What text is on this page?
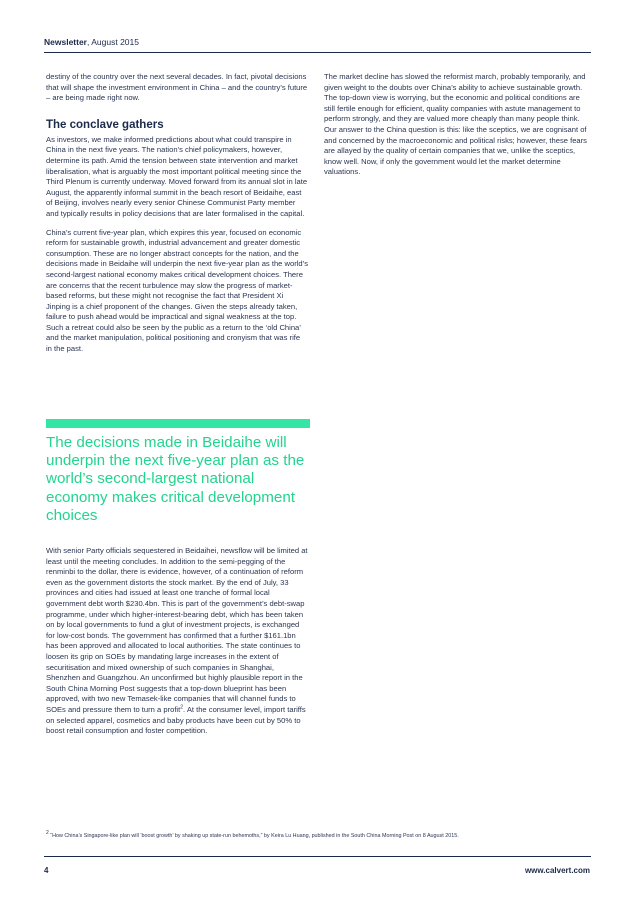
Newsletter, August 2015

destiny of the country over the next several decades. In fact, pivotal decisions that will shape the investment environment in China – and the country’s future – are being made right now.

The conclave gathers

As investors, we make informed predictions about what could transpire in China in the next five years. The nation’s chief policymakers, however, determine its path. Amid the tension between state intervention and market liberalisation, what is arguably the most important political meeting since the Third Plenum is currently underway. Moved forward from its annual slot in late August, the apparently informal summit in the beach resort of Beidaihe, east of Beijing, involves nearly every senior Chinese Communist Party member and typically results in policy decisions that are later formalised in the capital.

China’s current five-year plan, which expires this year, focused on economic reform for sustainable growth, industrial advancement and greater domestic consumption. These are no longer abstract concepts for the nation, and the decisions made in Beidaihe will underpin the next five-year plan as the world’s second-largest national economy makes critical development choices. There are concerns that the recent turbulence may slow the progress of market-based reforms, but these might not recognise the fact that President Xi Jinping is a chief proponent of the changes. Given the steps already taken, failure to push ahead would be impractical and signal weakness at the top. Such a retreat could also be seen by the public as a return to the ‘old China’ and the market manipulation, political positioning and cronyism that was rife in the past.

The market decline has slowed the reformist march, probably temporarily, and given weight to the doubts over China’s ability to achieve sustainable growth. The top-down view is worrying, but the economic and political conditions are still fertile enough for efficient, quality companies with astute management to perform strongly, and they are valued more cheaply than many people think. Our answer to the China question is this: like the sceptics, we are cognisant of and concerned by the macroeconomic and political risks; however, these fears are allayed by the quality of certain companies that we, unlike the sceptics, know well. Now, if only the government would let the market determine valuations.

The decisions made in Beidaihe will underpin the next five-year plan as the world’s second-largest national economy makes critical development choices
With senior Party officials sequestered in Beidaihei, newsflow will be limited at least until the meeting concludes. In addition to the semi-pegging of the renminbi to the dollar, there is evidence, however, of a continuation of reform even as the government distorts the stock market. By the end of July, 33 provinces and cities had issued at least one tranche of formal local government debt worth $230.4bn. This is part of the government’s debt-swap programme, under which higher-interest-bearing debt, which has been taken on by local governments to fund a glut of investment projects, is exchanged for low-cost bonds. The government has confirmed that a further $161.1bn has been approved and allocated to local authorities. The state continues to loosen its grip on SOEs by mandating large increases in the extent of securitisation and mixed ownership of such companies in Shanghai, Shenzhen and Guangzhou. An unconfirmed but highly plausible report in the South China Morning Post suggests that a top-down blueprint has been approved, with two new Temasek-like companies that will channel funds to SOEs and pressure them to turn a profit$^2$. At the consumer level, import tariffs on selected apparel, cosmetics and baby products have been cut by 50% to boost retail consumption and foster competition.
$^2$ “How China’s Singapore-like plan will ‘boost growth’ by shaking up state-run behemoths,” by Keira Lu Huang, published in the South China Morning Post on 8 August 2015.
4	www.calvert.com
